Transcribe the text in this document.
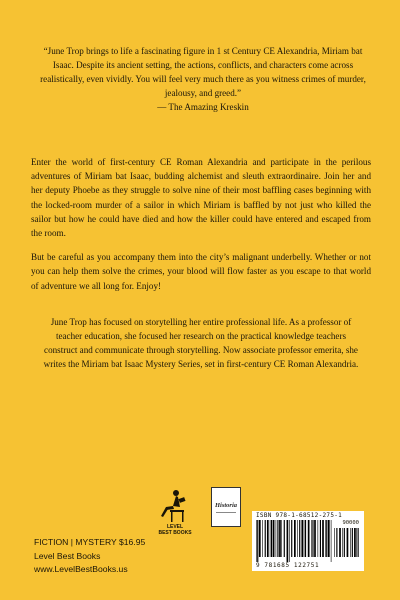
“June Trop brings to life a fascinating figure in 1 st Century CE Alexandria, Miriam bat Isaac. Despite its ancient setting, the actions, conflicts, and characters come across realistically, even vividly. You will feel very much there as you witness crimes of murder, jealousy, and greed.”
— The Amazing Kreskin

Enter the world of first-century CE Roman Alexandria and participate in the perilous adventures of Miriam bat Isaac, budding alchemist and sleuth extraordinaire. Join her and her deputy Phoebe as they struggle to solve nine of their most baffling cases beginning with the locked-room murder of a sailor in which Miriam is baffled by not just who killed the sailor but how he could have died and how the killer could have entered and escaped from the room.

But be careful as you accompany them into the city’s malignant underbelly. Whether or not you can help them solve the crimes, your blood will flow faster as you escape to that world of adventure we all long for. Enjoy!

June Trop has focused on storytelling her entire professional life. As a professor of teacher education, she focused her research on the practical knowledge teachers construct and communicate through storytelling. Now associate professor emerita, she writes the Miriam bat Isaac Mystery Series, set in first-century CE Roman Alexandria.
LEVEL
BEST BOOKS
Historia
FICTION | MYSTERY $16.95
Level Best Books
www.LevelBestBooks.us
ISBN 978-1-68512-275-1
90000
9 781685 122751
